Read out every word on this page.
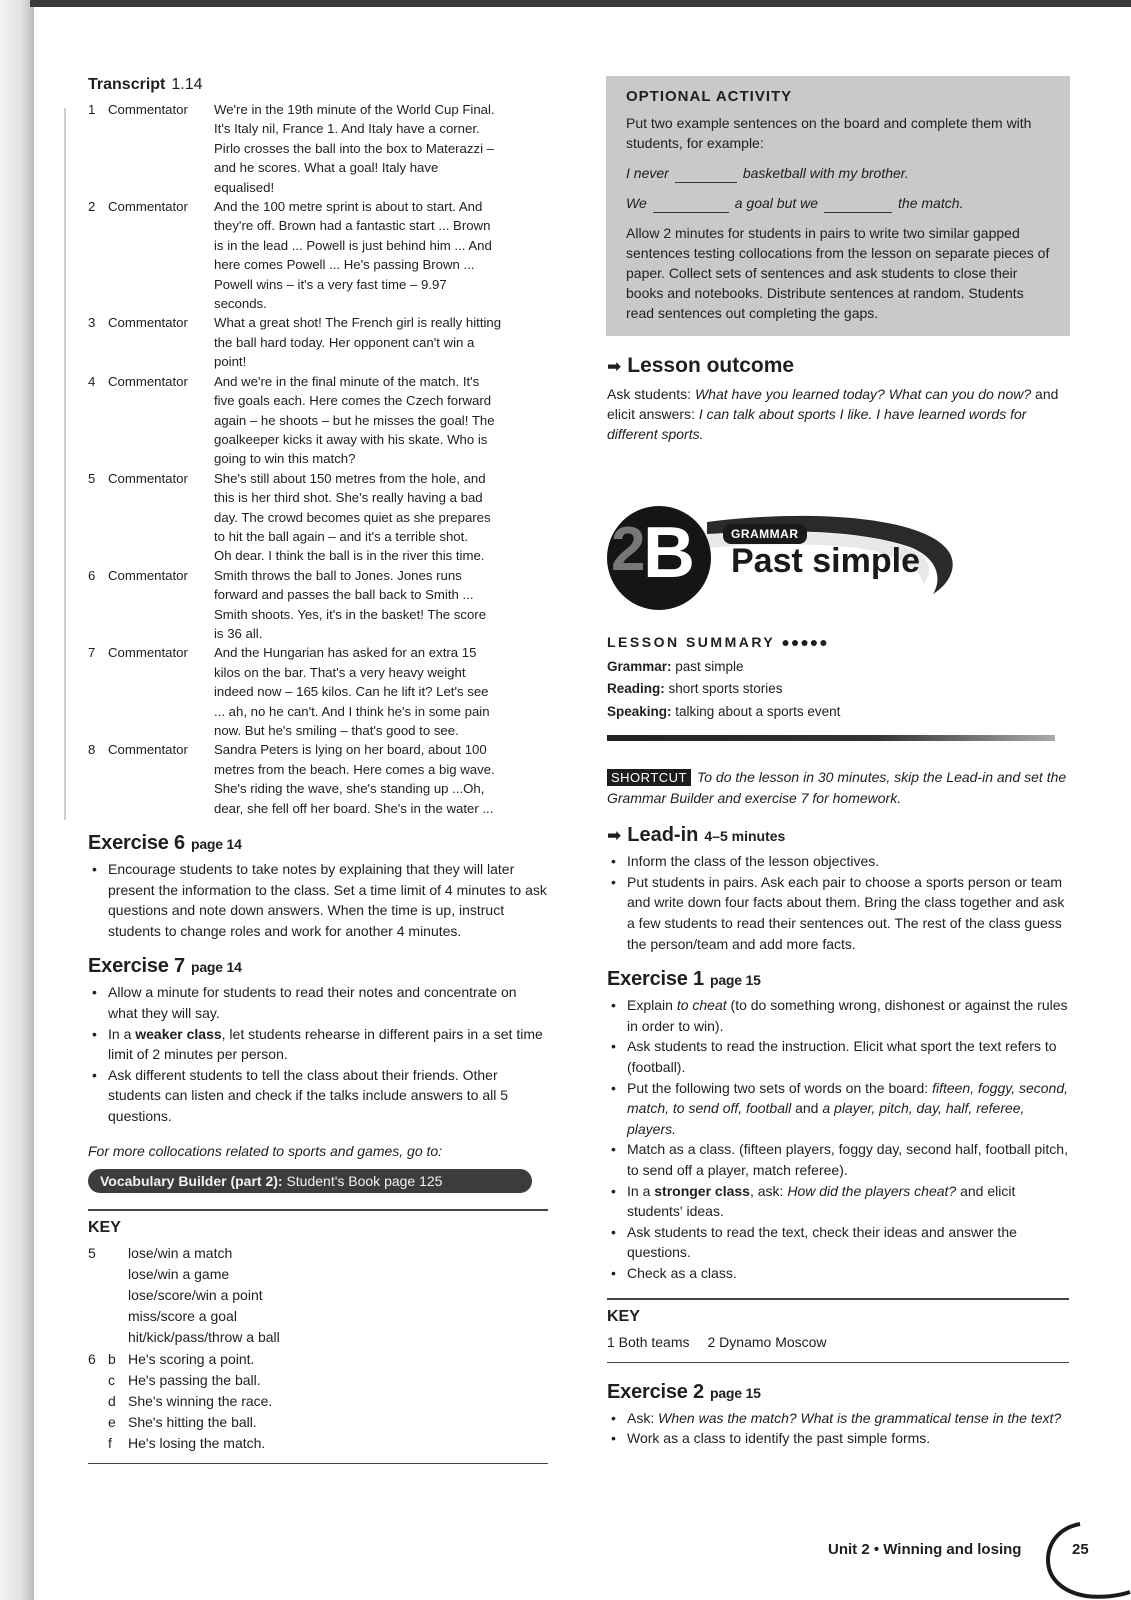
Transcript 1.14
1 Commentator	We're in the 19th minute of the World Cup Final.
It's Italy nil, France 1. And Italy have a corner.
Pirlo crosses the ball into the box to Materazzi –
and he scores. What a goal! Italy have
equalised!
2 Commentator	And the 100 metre sprint is about to start. And
they're off. Brown had a fantastic start ... Brown
is in the lead ... Powell is just behind him ... And
here comes Powell ... He's passing Brown ...
Powell wins – it's a very fast time – 9.97
seconds.
3 Commentator	What a great shot! The French girl is really hitting
the ball hard today. Her opponent can't win a
point!
4 Commentator	And we're in the final minute of the match. It's
five goals each. Here comes the Czech forward
again – he shoots – but he misses the goal! The
goalkeeper kicks it away with his skate. Who is
going to win this match?
5 Commentator	She's still about 150 metres from the hole, and
this is her third shot. She's really having a bad
day. The crowd becomes quiet as she prepares
to hit the ball again – and it's a terrible shot.
Oh dear. I think the ball is in the river this time.
6 Commentator	Smith throws the ball to Jones. Jones runs
forward and passes the ball back to Smith ...
Smith shoots. Yes, it's in the basket! The score
is 36 all.
7 Commentator	And the Hungarian has asked for an extra 15
kilos on the bar. That's a very heavy weight
indeed now – 165 kilos. Can he lift it? Let's see
... ah, no he can't. And I think he's in some pain
now. But he's smiling – that's good to see.
8 Commentator	Sandra Peters is lying on her board, about 100
metres from the beach. Here comes a big wave.
She's riding the wave, she's standing up ...Oh,
dear, she fell off her board. She's in the water ...
Exercise 6 page 14
• Encourage students to take notes by explaining that they will later present the information to the class. Set a time limit of 4 minutes to ask questions and note down answers. When the time is up, instruct students to change roles and work for another 4 minutes.
Exercise 7 page 14
• Allow a minute for students to read their notes and concentrate on what they will say.
• In a weaker class, let students rehearse in different pairs in a set time limit of 2 minutes per person.
• Ask different students to tell the class about their friends. Other students can listen and check if the talks include answers to all 5 questions.
For more collocations related to sports and games, go to:
Vocabulary Builder (part 2): Student's Book page 125
KEY
5	lose/win a match
lose/win a game
lose/score/win a point
miss/score a goal
hit/kick/pass/throw a ball
6 b He's scoring a point.
c He's passing the ball.
d She's winning the race.
e She's hitting the ball.
f	He's losing the match.
OPTIONAL ACTIVITY

Put two example sentences on the board and complete them with students, for example:

I never	basketball with my brother.
We	a goal but we	the match.

Allow 2 minutes for students in pairs to write two similar gapped sentences testing collocations from the lesson on separate pieces of paper. Collect sets of sentences and ask students to close their books and notebooks. Distribute sentences at random. Students read sentences out completing the gaps.

➡ Lesson outcome
Ask students: What have you learned today? What can you do now? and elicit answers: I can talk about sports I like. I have learned words for different sports.
2
B	GRAMMAR
Past simple
LESSON SUMMARY ●●●●●
Grammar: past simple
Reading: short sports stories
Speaking: talking about a sports event
SHORTCUT To do the lesson in 30 minutes, skip the Lead-in and set the Grammar Builder and exercise 7 for homework.
➡ Lead-in 4–5 minutes
• Inform the class of the lesson objectives.
• Put students in pairs. Ask each pair to choose a sports person or team and write down four facts about them. Bring the class together and ask a few students to read their sentences out. The rest of the class guess the person/team and add more facts.
Exercise 1 page 15
• Explain to cheat (to do something wrong, dishonest or against the rules in order to win).
• Ask students to read the instruction. Elicit what sport the text refers to (football).
• Put the following two sets of words on the board: fifteen, foggy, second, match, to send off, football and a player, pitch, day, half, referee, players.
• Match as a class. (fifteen players, foggy day, second half, football pitch, to send off a player, match referee).
• In a stronger class, ask: How did the players cheat? and elicit students' ideas.
• Ask students to read the text, check their ideas and answer the questions.
• Check as a class.
KEY
1 Both teams 2 Dynamo Moscow
Exercise 2 page 15
• Ask: When was the match? What is the grammatical tense in the text?
• Work as a class to identify the past simple forms.
Unit 2 • Winning and losing	25
